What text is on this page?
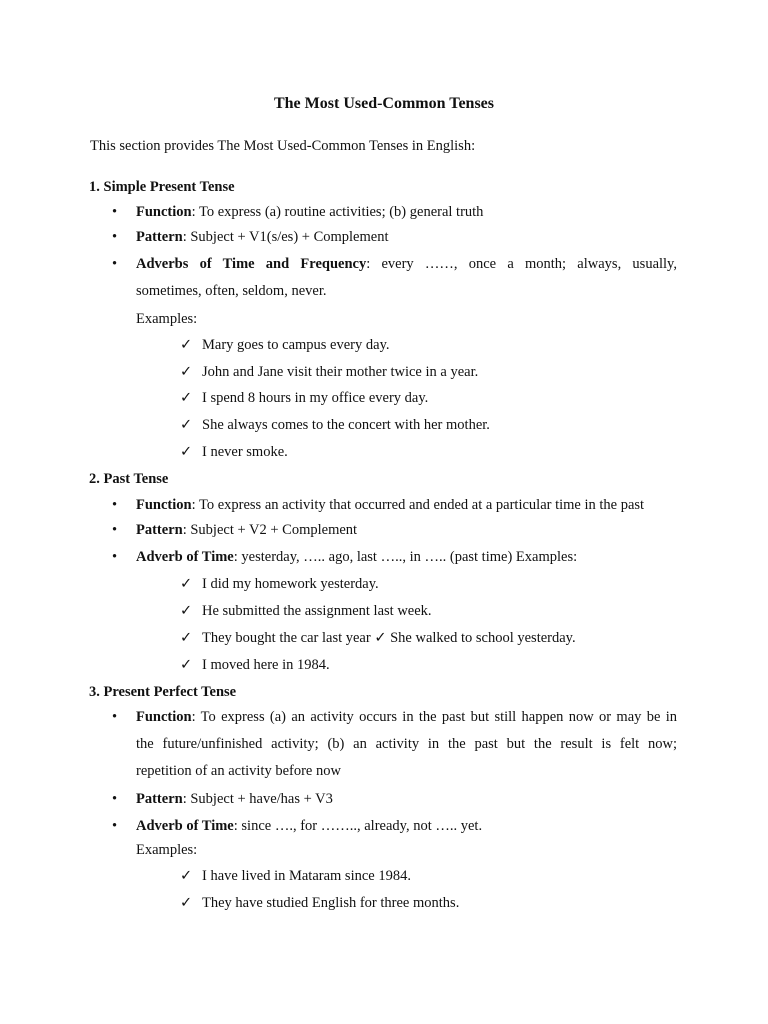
The Most Used-Common Tenses
This section provides The Most Used-Common Tenses in English:
1. Simple Present Tense
•	Function: To express (a) routine activities; (b) general truth
•	Pattern: Subject + V1(s/es) + Complement
•	Adverbs of Time and Frequency: every ……, once a month; always, usually,
sometimes, often, seldom, never.
Examples:
✓ Mary goes to campus every day.
✓ John and Jane visit their mother twice in a year.
✓ I spend 8 hours in my office every day.
✓ She always comes to the concert with her mother.
✓ I never smoke.
2. Past Tense
•	Function: To express an activity that occurred and ended at a particular time in the past
•	Pattern: Subject + V2 + Complement
•	Adverb of Time: yesterday, ….. ago, last ….., in ….. (past time) Examples:
✓ I did my homework yesterday.
✓ He submitted the assignment last week.
✓ They bought the car last year ✓ She walked to school yesterday.
✓ I moved here in 1984.
3. Present Perfect Tense
•	Function: To express (a) an activity occurs in the past but still happen now or may be in
the future/unfinished activity; (b) an activity in the past but the result is felt now;
repetition of an activity before now
•	Pattern: Subject + have/has + V3
•	Adverb of Time: since …., for …….., already, not ….. yet.
Examples:
✓ I have lived in Mataram since 1984.
✓ They have studied English for three months.
